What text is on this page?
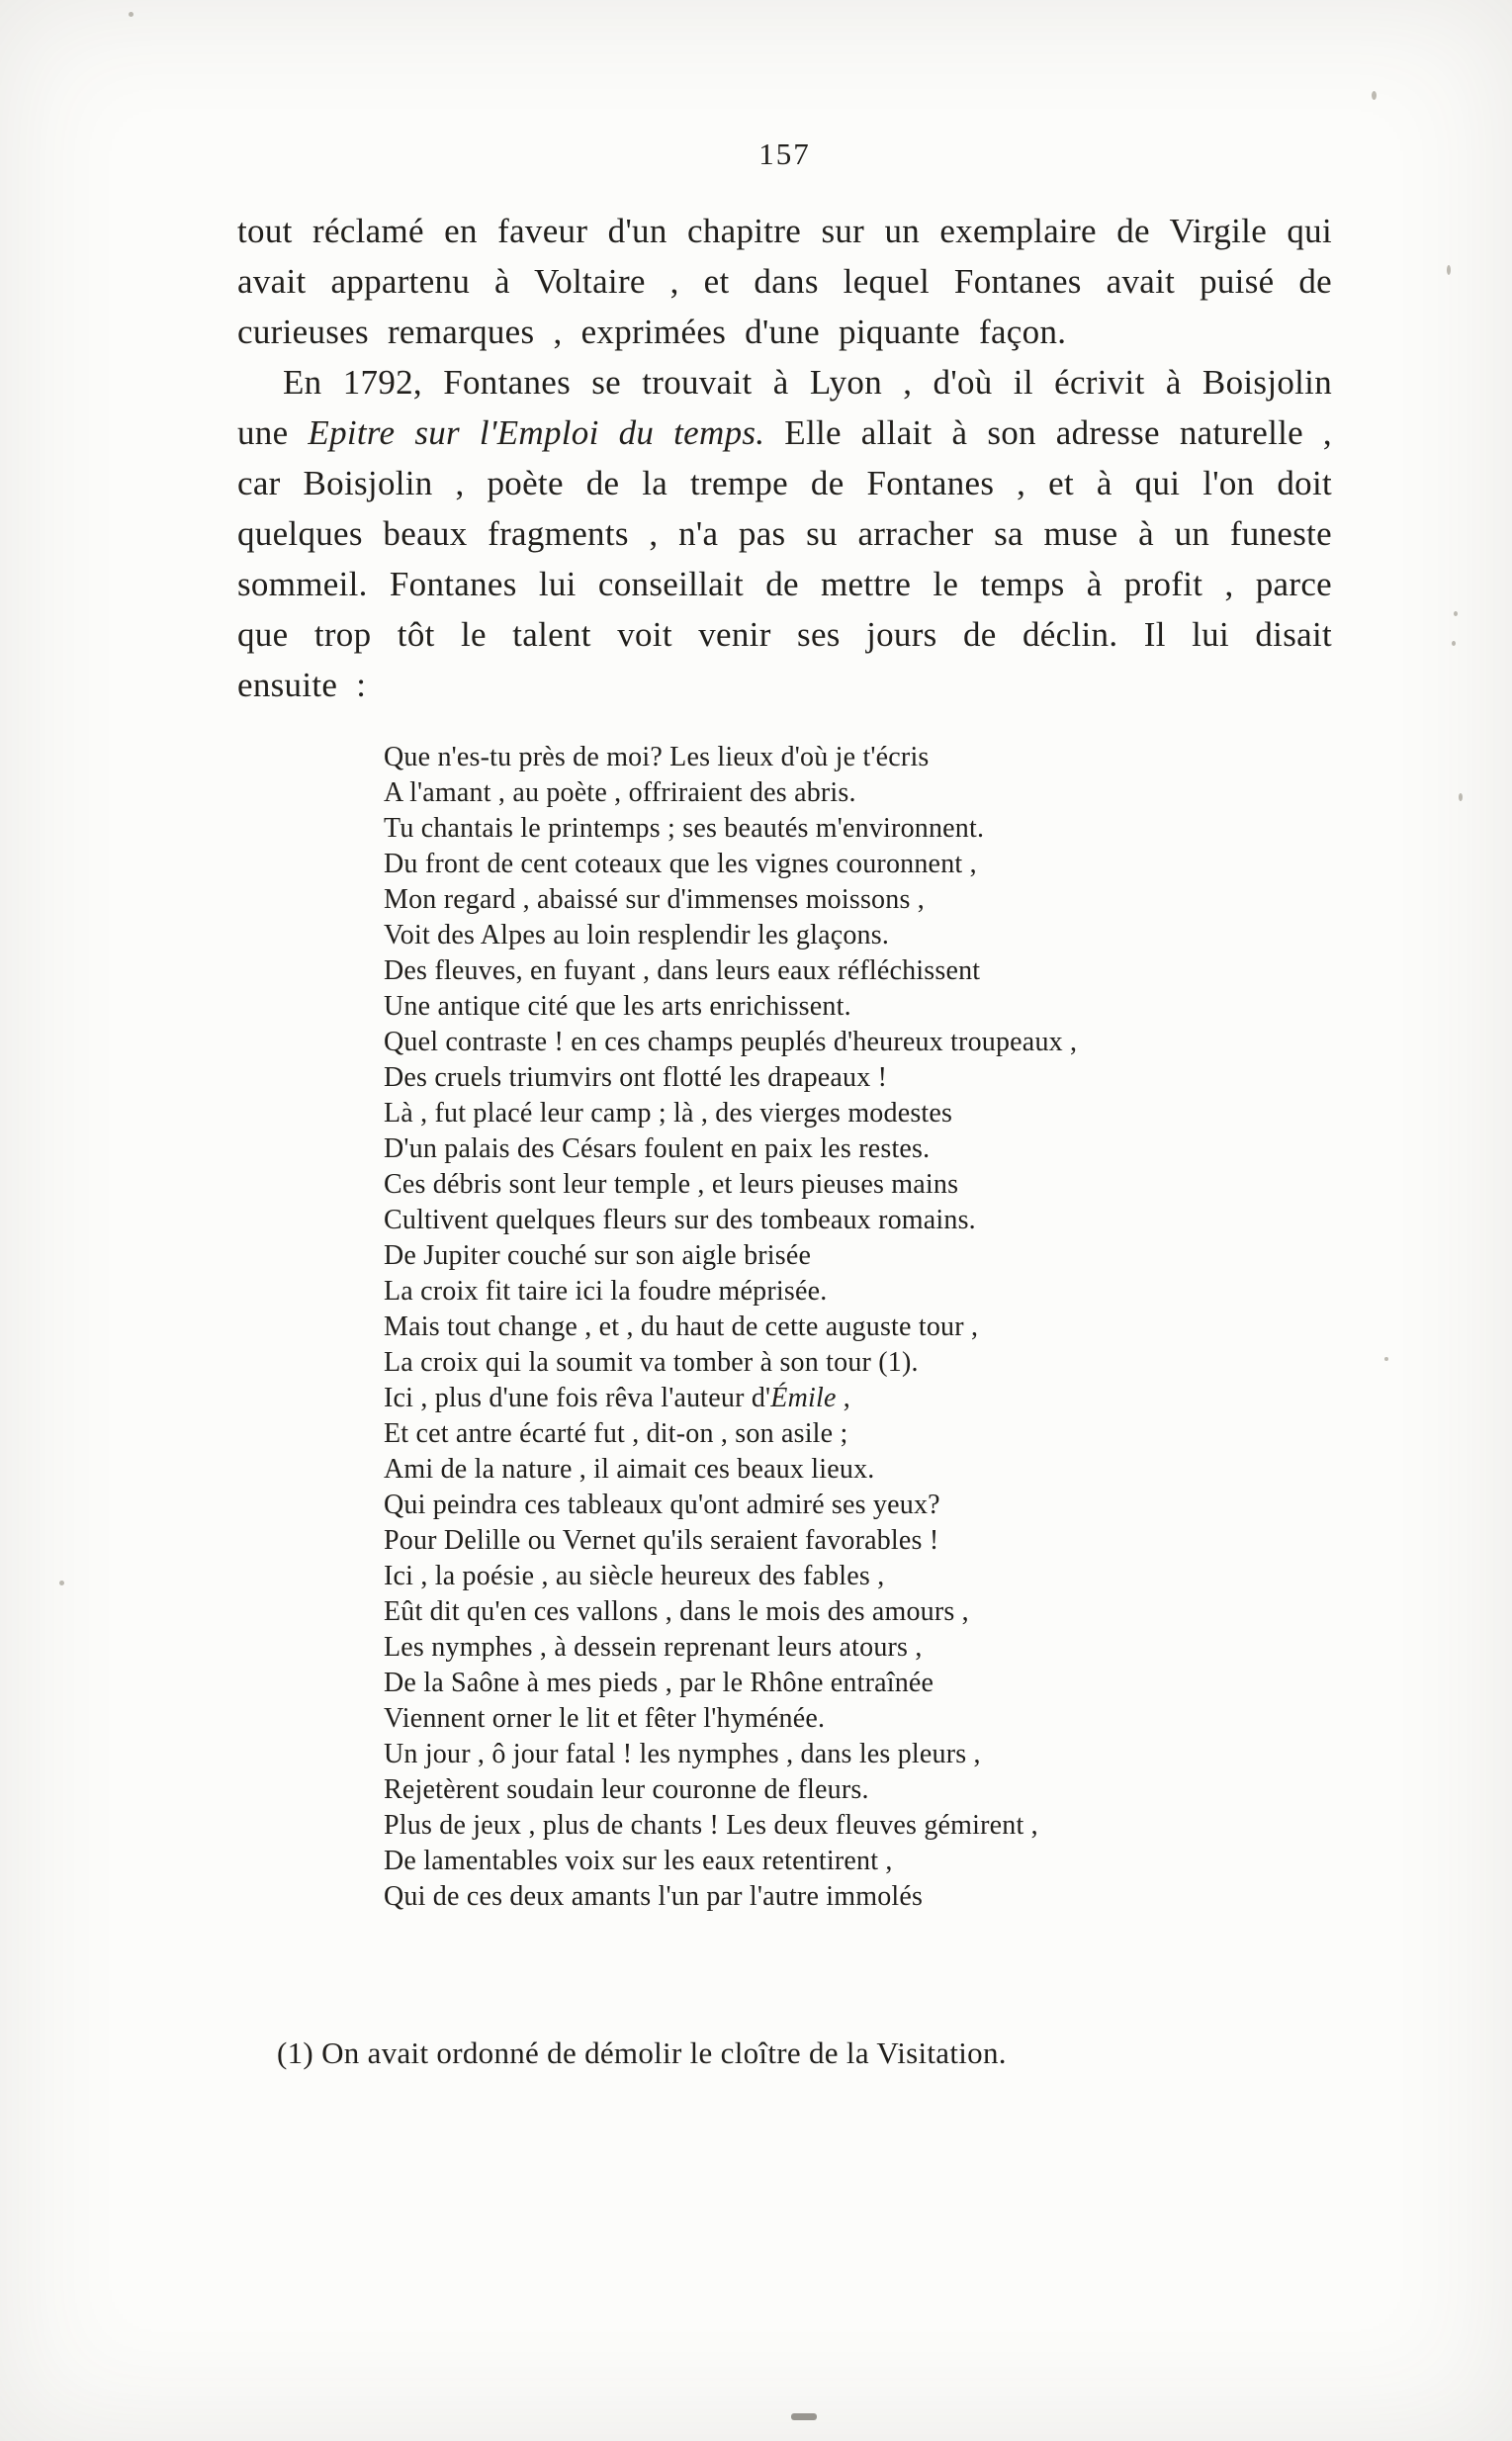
157

tout réclamé en faveur d'un chapitre sur un exemplaire de Virgile qui avait appartenu à Voltaire , et dans lequel Fontanes avait puisé de curieuses remarques , exprimées d'une piquante façon.

En 1792, Fontanes se trouvait à Lyon , d'où il écrivit à Boisjolin une Epitre sur l'Emploi du temps. Elle allait à son adresse naturelle , car Boisjolin , poète de la trempe de Fontanes , et à qui l'on doit quelques beaux fragments , n'a pas su arracher sa muse à un funeste sommeil. Fontanes lui conseillait de mettre le temps à profit , parce que trop tôt le talent voit venir ses jours de déclin. Il lui disait ensuite :

Que n'es-tu près de moi? Les lieux d'où je t'écris
A l'amant , au poète , offriraient des abris.
Tu chantais le printemps ; ses beautés m'environnent.
Du front de cent coteaux que les vignes couronnent ,
Mon regard , abaissé sur d'immenses moissons ,
Voit des Alpes au loin resplendir les glaçons.
Des fleuves, en fuyant , dans leurs eaux réfléchissent
Une antique cité que les arts enrichissent.
Quel contraste ! en ces champs peuplés d'heureux troupeaux ,
Des cruels triumvirs ont flotté les drapeaux !
Là , fut placé leur camp ; là , des vierges modestes
D'un palais des Césars foulent en paix les restes.
Ces débris sont leur temple , et leurs pieuses mains
Cultivent quelques fleurs sur des tombeaux romains.
De Jupiter couché sur son aigle brisée
La croix fit taire ici la foudre méprisée.
Mais tout change , et , du haut de cette auguste tour ,
La croix qui la soumit va tomber à son tour (1).
Ici , plus d'une fois rêva l'auteur d'Émile ,
Et cet antre écarté fut , dit-on , son asile ;
Ami de la nature , il aimait ces beaux lieux.
Qui peindra ces tableaux qu'ont admiré ses yeux?
Pour Delille ou Vernet qu'ils seraient favorables !
Ici , la poésie , au siècle heureux des fables ,
Eût dit qu'en ces vallons , dans le mois des amours ,
Les nymphes , à dessein reprenant leurs atours ,
De la Saône à mes pieds , par le Rhône entraînée
Viennent orner le lit et fêter l'hyménée.
Un jour , ô jour fatal ! les nymphes , dans les pleurs ,
Rejetèrent soudain leur couronne de fleurs.
Plus de jeux , plus de chants ! Les deux fleuves gémirent ,
De lamentables voix sur les eaux retentirent ,
Qui de ces deux amants l'un par l'autre immolés
(1) On avait ordonné de démolir le cloître de la Visitation.
